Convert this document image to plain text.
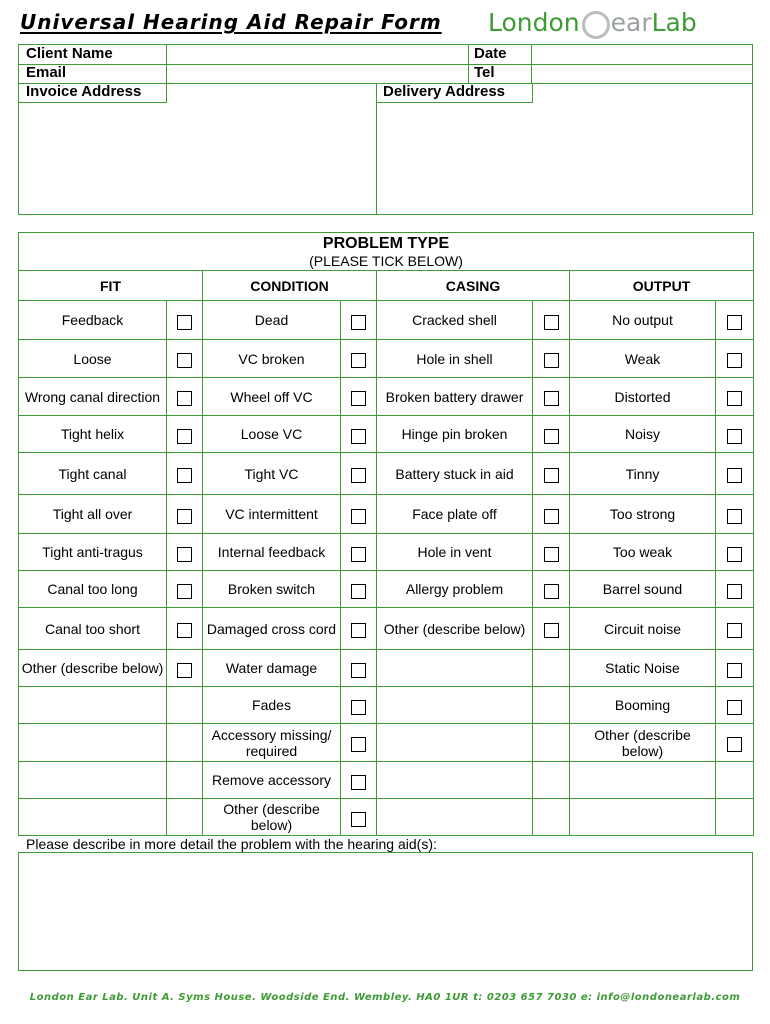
Universal Hearing Aid Repair Form London ear Lab
Client Name	Date
Email	Tel
Invoice Address	Delivery Address
PROBLEM TYPE
(PLEASE TICK BELOW)							

FIT		CONDITION		CASING		OUTPUT	
Feedback		Dead		Cracked shell		No output	
Loose		VC broken		Hole in shell		Weak	
Wrong canal direction		Wheel off VC		Broken battery drawer		Distorted	
Tight helix		Loose VC		Hinge pin broken		Noisy	
Tight canal		Tight VC		Battery stuck in aid		Tinny	
Tight all over		VC intermittent		Face plate off		Too strong	
Tight anti-tragus		Internal feedback		Hole in vent		Too weak	
Canal too long		Broken switch		Allergy problem		Barrel sound	
Canal too short		Damaged cross cord		Other (describe below)		Circuit noise	
Other (describe below)		Water damage				Static Noise	
		Fades				Booming	
		Accessory missing/ required				Other (describe below)	
		Remove accessory					
		Other (describe below)					
Please describe in more detail the problem with the hearing aid(s):
London Ear Lab. Unit A. Syms House. Woodside End. Wembley. HA0 1UR t: 0203 657 7030 e: info@londonearlab.com
